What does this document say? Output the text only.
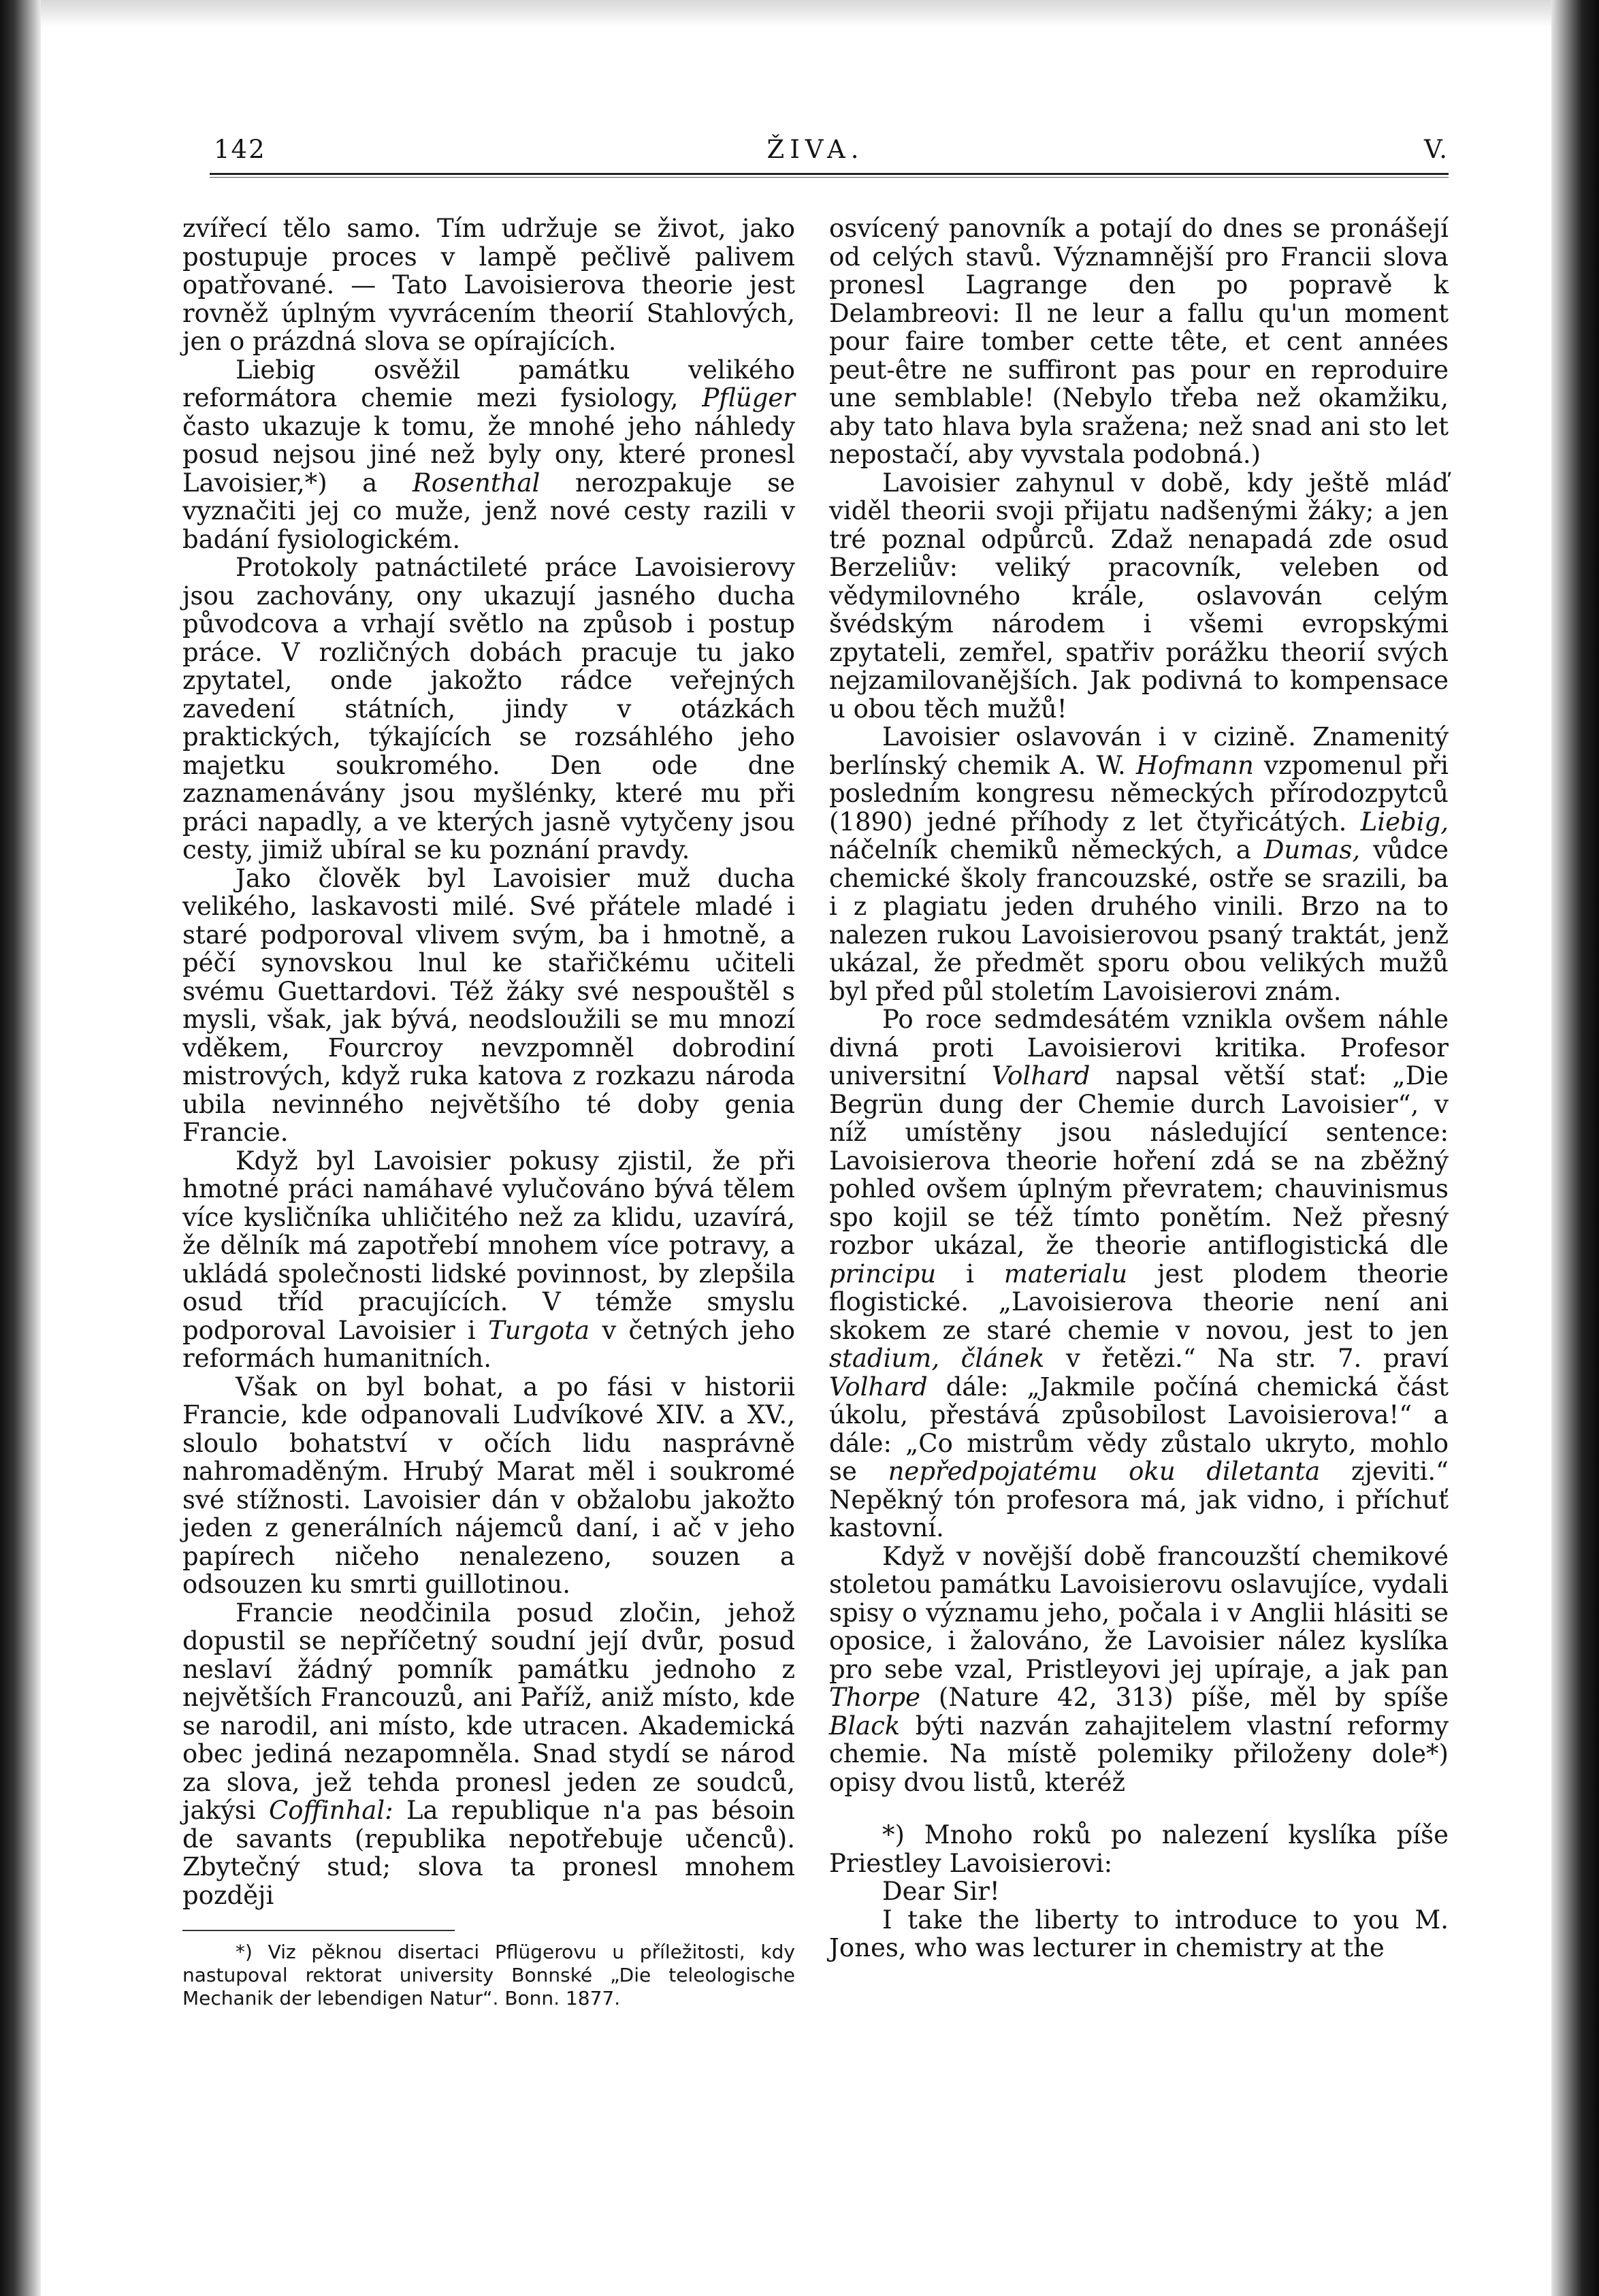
142	ŽIVA.	V.

zvířecí tělo samo. Tím udržuje se život, jako postupuje proces v lampě pečlivě palivem opatřované. — Tato Lavoisierova theorie jest rovněž úplným vyvrácením theorií Stahlových, jen o prázdná slova se opírajících.

Liebig osvěžil památku velikého reformátora chemie mezi fysiology, Pflüger často ukazuje k tomu, že mnohé jeho náhledy posud nejsou jiné než byly ony, které pronesl Lavoisier,*) a Rosenthal nerozpakuje se vyznačiti jej co muže, jenž nové cesty razili v badání fysiologickém.

Protokoly patnáctileté práce Lavoisierovy jsou zachovány, ony ukazují jasného ducha původcova a vrhají světlo na způsob i postup práce. V rozličných dobách pracuje tu jako zpytatel, onde jakožto rádce veřejných zavedení státních, jindy v otázkách praktických, týkajících se rozsáhlého jeho majetku soukromého. Den ode dne zaznamenávány jsou myšlénky, které mu při práci napadly, a ve kterých jasně vytyčeny jsou cesty, jimiž ubíral se ku poznání pravdy.

Jako člověk byl Lavoisier muž ducha velikého, laskavosti milé. Své přátele mladé i staré podporoval vlivem svým, ba i hmotně, a péčí synovskou lnul ke stařičkému učiteli svému Guettardovi. Též žáky své nespouštěl s mysli, však, jak bývá, neodsloužili se mu mnozí vděkem, Fourcroy nevzpomněl dobrodiní mistrových, když ruka katova z rozkazu národa ubila nevinného největšího té doby genia Francie.

Když byl Lavoisier pokusy zjistil, že při hmotné práci namáhavé vylučováno bývá tělem více kysličníka uhličitého než za klidu, uzavírá, že dělník má zapotřebí mnohem více potravy, a ukládá společnosti lidské povinnost, by zlepšila osud tříd pracujících. V témže smyslu podporoval Lavoisier i Turgota v četných jeho reformách humanitních.

Však on byl bohat, a po fási v historii Francie, kde odpanovali Ludvíkové XIV. a XV., sloulo bohatství v očích lidu nasprávně nahromaděným. Hrubý Marat měl i soukromé své stížnosti. Lavoisier dán v obžalobu jakožto jeden z generálních nájemců daní, i ač v jeho papírech ničeho nenalezeno, souzen a odsouzen ku smrti guillotinou.

Francie neodčinila posud zločin, jehož dopustil se nepříčetný soudní její dvůr, posud neslaví žádný pomník památku jednoho z největších Francouzů, ani Paříž, aniž místo, kde se narodil, ani místo, kde utracen. Akademická obec jediná nezapomněla. Snad stydí se národ za slova, jež tehda pronesl jeden ze soudců, jakýsi Coffinhal: La republique n'a pas bésoin de savants (republika nepotřebuje učenců). Zbytečný stud; slova ta pronesl mnohem později

*) Viz pěknou disertaci Pflügerovu u příležitosti, kdy nastupoval rektorat university Bonnské „Die teleologische Mechanik der lebendigen Natur“. Bonn. 1877.

osvícený panovník a potají do dnes se pronášejí od celých stavů. Významnější pro Francii slova pronesl Lagrange den po popravě k Delambreovi: Il ne leur a fallu qu'un moment pour faire tomber cette tête, et cent années peut-être ne suffiront pas pour en reproduire une semblable! (Nebylo třeba než okamžiku, aby tato hlava byla sražena; než snad ani sto let nepostačí, aby vyvstala podobná.)

Lavoisier zahynul v době, kdy ještě mláď viděl theorii svoji přijatu nadšenými žáky; a jen tré poznal odpůrců. Zdaž nenapadá zde osud Berzeliův: veliký pracovník, veleben od vědymilovného krále, oslavován celým švédským národem i všemi evropskými zpytateli, zemřel, spatřiv porážku theorií svých nejzamilovanějších. Jak podivná to kompensace u obou těch mužů!

Lavoisier oslavován i v cizině. Znamenitý berlínský chemik A. W. Hofmann vzpomenul při posledním kongresu německých přírodozpytců (1890) jedné příhody z let čtyřicátých. Liebig, náčelník chemiků německých, a Dumas, vůdce chemické školy francouzské, ostře se srazili, ba i z plagiatu jeden druhého vinili. Brzo na to nalezen rukou Lavoisierovou psaný traktát, jenž ukázal, že předmět sporu obou velikých mužů byl před půl stoletím Lavoisierovi znám.

Po roce sedmdesátém vznikla ovšem náhle divná proti Lavoisierovi kritika. Profesor universitní Volhard napsal větší stať: „Die Begrün dung der Chemie durch Lavoisier“, v níž umístěny jsou následující sentence: Lavoisierova theorie hoření zdá se na zběžný pohled ovšem úplným převratem; chauvinismus spo kojil se též tímto ponětím. Než přesný rozbor ukázal, že theorie antiflogistická dle principu i materialu jest plodem theorie flogistické. „Lavoisierova theorie není ani skokem ze staré chemie v novou, jest to jen stadium, článek v řetězi.“ Na str. 7. praví Volhard dále: „Jakmile počíná chemická část úkolu, přestává způsobilost Lavoisierova!“ a dále: „Co mistrům vědy zůstalo ukryto, mohlo se nepředpojatému oku diletanta zjeviti.“ Nepěkný tón profesora má, jak vidno, i příchuť kastovní.

Když v novější době francouzští chemikové stoletou památku Lavoisierovu oslavujíce, vydali spisy o významu jeho, počala i v Anglii hlásiti se oposice, i žalováno, že Lavoisier nález kyslíka pro sebe vzal, Pristleyovi jej upíraje, a jak pan Thorpe (Nature 42, 313) píše, měl by spíše Black býti nazván zahajitelem vlastní reformy chemie. Na místě polemiky přiloženy dole*) opisy dvou listů, kteréž

*) Mnoho roků po nalezení kyslíka píše Priestley Lavoisierovi:

Dear Sir!

I take the liberty to introduce to you M. Jones, who was lecturer in chemistry at the
